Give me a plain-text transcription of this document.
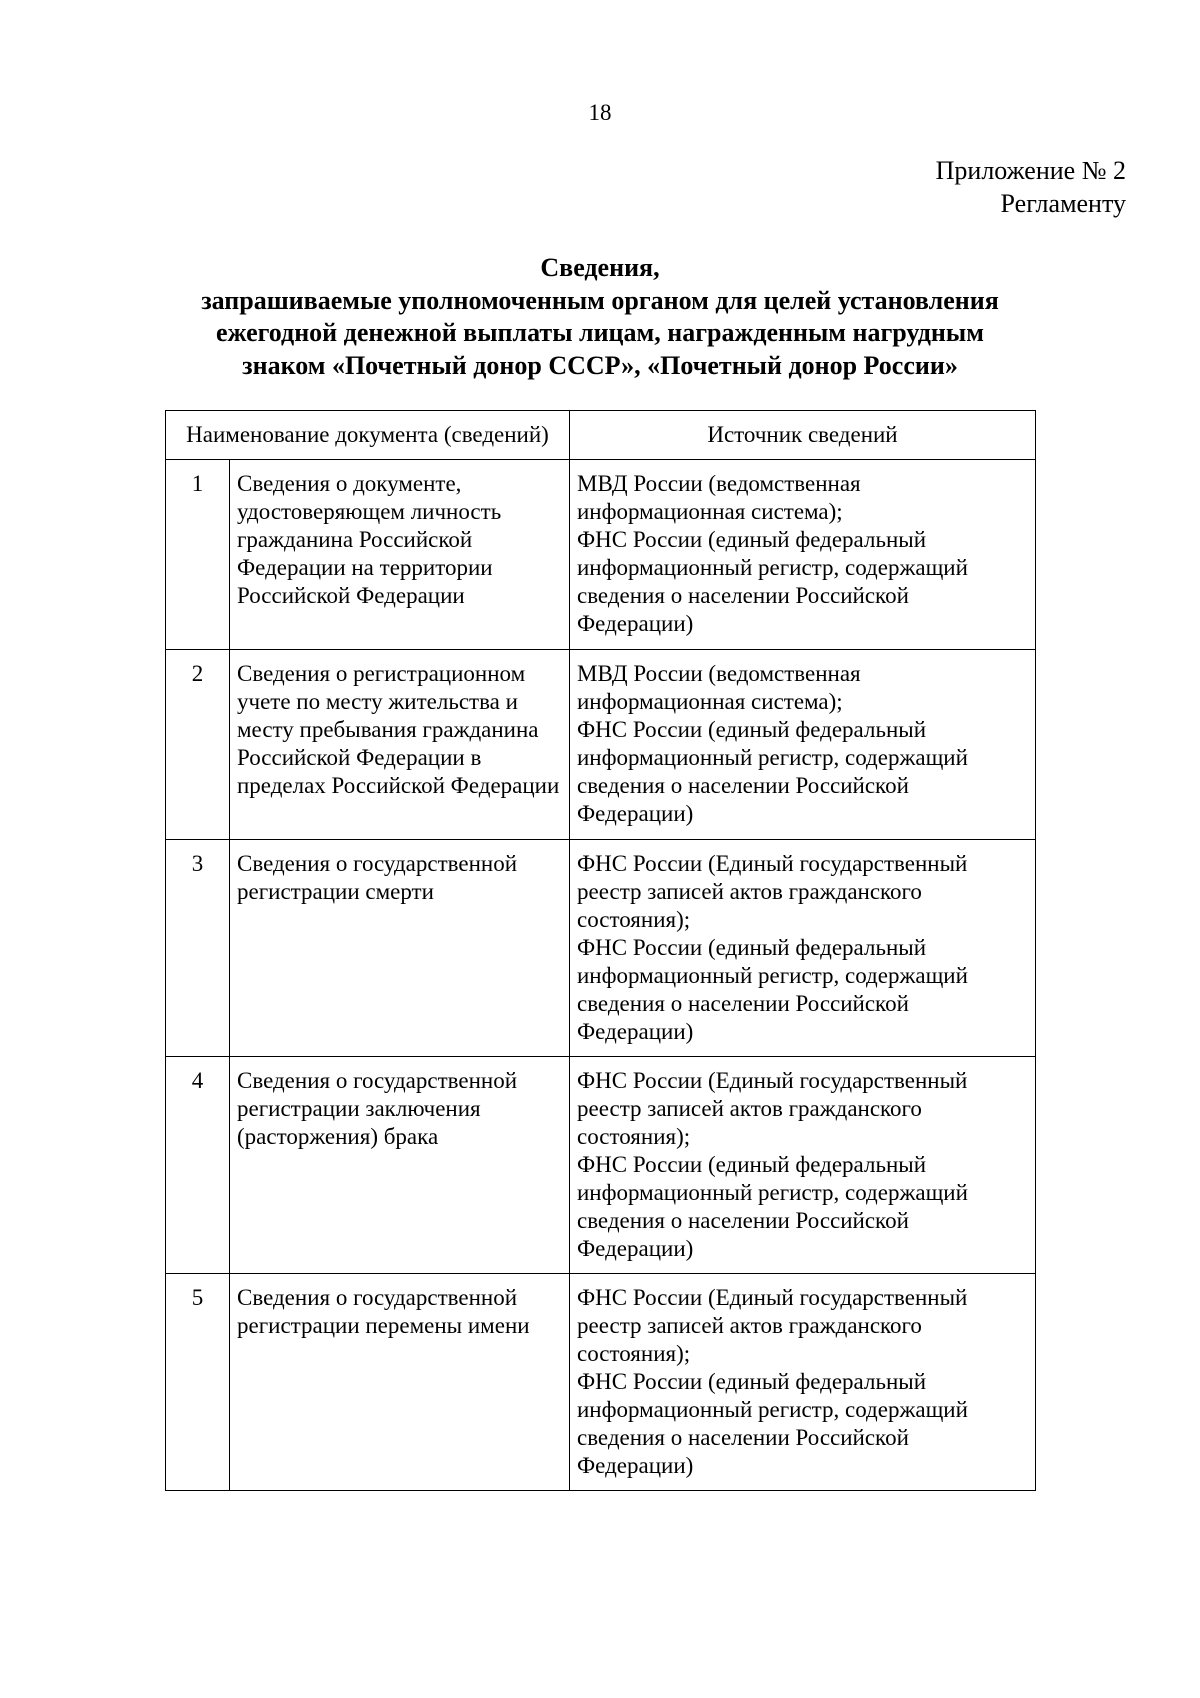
18
Приложение № 2
Регламенту
Сведения,
запрашиваемые уполномоченным органом для целей установления
ежегодной денежной выплаты лицам, награжденным нагрудным
знаком «Почетный донор СССР», «Почетный донор России»
Наименование документа (сведений)		Источник сведений
1	Сведения о документе, удостоверяющем личность гражданина Российской Федерации на территории Российской Федерации	МВД России (ведомственная информационная система);
ФНС России (единый федеральный информационный регистр, содержащий сведения о населении Российской Федерации)
2	Сведения о регистрационном учете по месту жительства и месту пребывания гражданина Российской Федерации в пределах Российской Федерации	МВД России (ведомственная информационная система);
ФНС России (единый федеральный информационный регистр, содержащий сведения о населении Российской Федерации)
3	Сведения о государственной регистрации смерти	ФНС России (Единый государственный реестр записей актов гражданского состояния);
ФНС России (единый федеральный информационный регистр, содержащий сведения о населении Российской Федерации)
4	Сведения о государственной регистрации заключения (расторжения) брака	ФНС России (Единый государственный реестр записей актов гражданского состояния);
ФНС России (единый федеральный информационный регистр, содержащий сведения о населении Российской Федерации)
5	Сведения о государственной регистрации перемены имени	ФНС России (Единый государственный реестр записей актов гражданского состояния);
ФНС России (единый федеральный информационный регистр, содержащий сведения о населении Российской Федерации)
